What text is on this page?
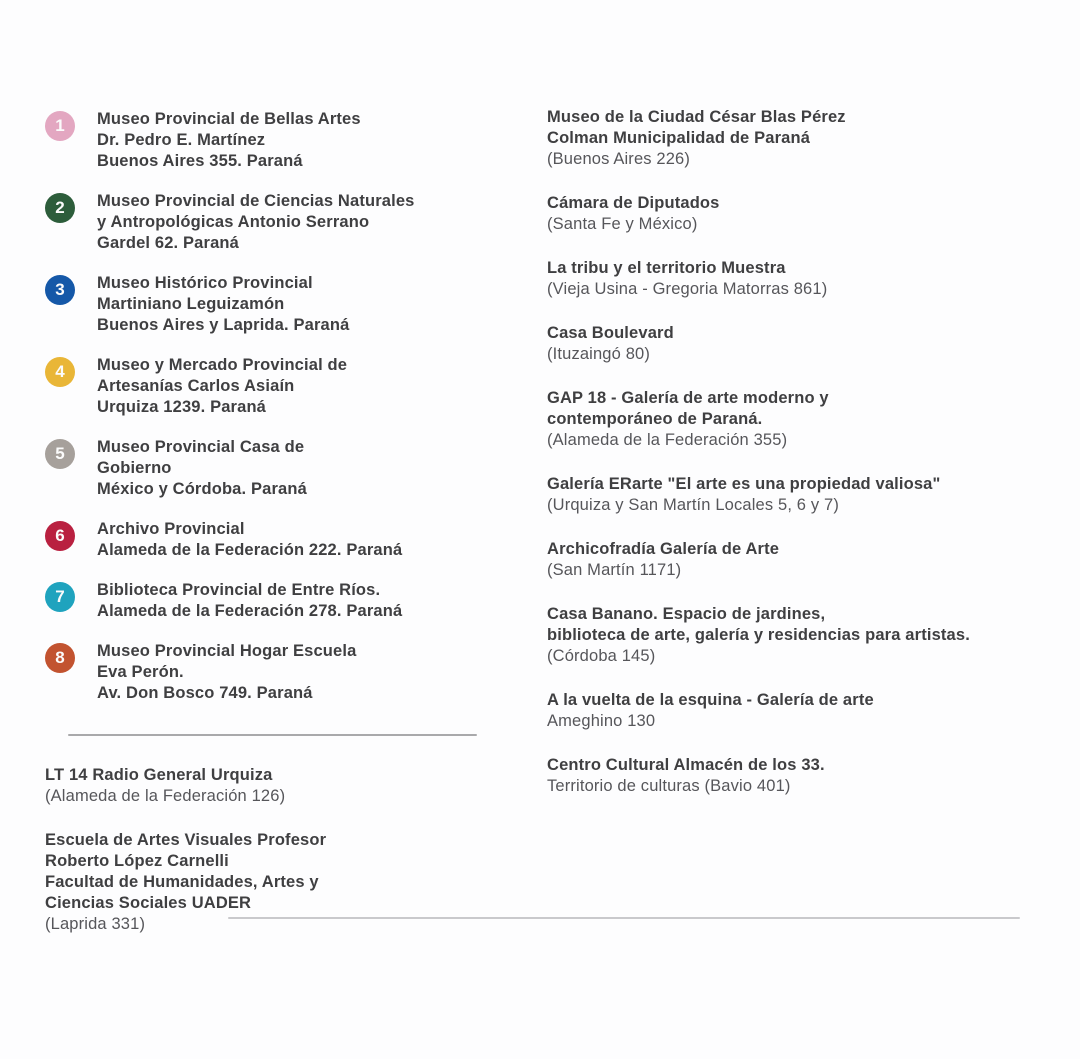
1	Museo Provincial de Bellas Artes
Dr. Pedro E. Martínez
Buenos Aires 355. Paraná
2	Museo Provincial de Ciencias Naturales
y Antropológicas Antonio Serrano
Gardel 62. Paraná
3	Museo Histórico Provincial
Martiniano Leguizamón
Buenos Aires y Laprida. Paraná
4	Museo y Mercado Provincial de
Artesanías Carlos Asiaín
Urquiza 1239. Paraná
5	Museo Provincial Casa de
Gobierno
México y Córdoba. Paraná
6	Archivo Provincial
Alameda de la Federación 222. Paraná
7	Biblioteca Provincial de Entre Ríos.
Alameda de la Federación 278. Paraná
8	Museo Provincial Hogar Escuela
Eva Perón.
Av. Don Bosco 749. Paraná
LT 14 Radio General Urquiza
(Alameda de la Federación 126)
Escuela de Artes Visuales Profesor
Roberto López Carnelli
Facultad de Humanidades, Artes y
Ciencias Sociales UADER
(Laprida 331)
Museo de la Ciudad César Blas Pérez
Colman Municipalidad de Paraná
(Buenos Aires 226)
Cámara de Diputados
(Santa Fe y México)
La tribu y el territorio Muestra
(Vieja Usina - Gregoria Matorras 861)
Casa Boulevard
(Ituzaingó 80)
GAP 18 - Galería de arte moderno y
contemporáneo de Paraná.
(Alameda de la Federación 355)
Galería ERarte "El arte es una propiedad valiosa"
(Urquiza y San Martín Locales 5, 6 y 7)
Archicofradía Galería de Arte
(San Martín 1171)
Casa Banano. Espacio de jardines,
biblioteca de arte, galería y residencias para artistas.
(Córdoba 145)
A la vuelta de la esquina - Galería de arte
Ameghino 130
Centro Cultural Almacén de los 33.
Territorio de culturas (Bavio 401)
